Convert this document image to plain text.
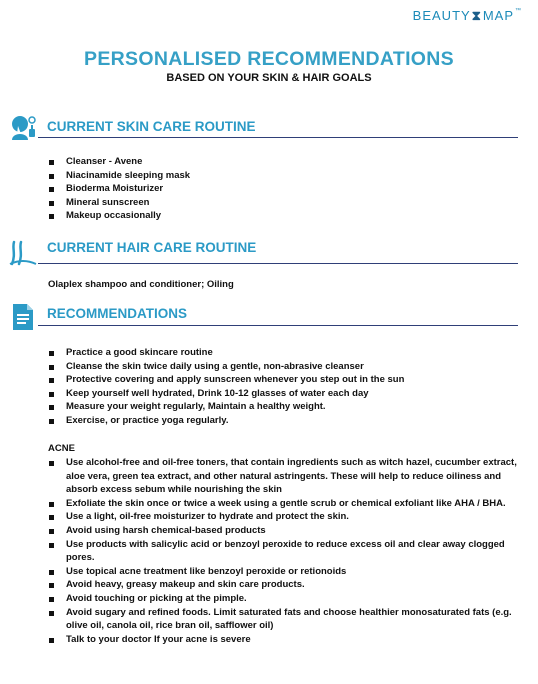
BEAUTY ⧗ MAP ™
PERSONALISED RECOMMENDATIONS
BASED ON YOUR SKIN & HAIR GOALS
CURRENT SKIN CARE ROUTINE
Cleanser - Avene
Niacinamide sleeping mask
Bioderma Moisturizer
Mineral sunscreen
Makeup occasionally
CURRENT HAIR CARE ROUTINE
Olaplex shampoo and conditioner; Oiling
RECOMMENDATIONS
Practice a good skincare routine
Cleanse the skin twice daily using a gentle, non-abrasive cleanser
Protective covering and apply sunscreen whenever you step out in the sun
Keep yourself well hydrated, Drink 10-12 glasses of water each day
Measure your weight regularly, Maintain a healthy weight.
Exercise, or practice yoga regularly.
ACNE
Use alcohol-free and oil-free toners, that contain ingredients such as witch hazel, cucumber extract, aloe vera, green tea extract, and other natural astringents. These will help to reduce oiliness and absorb excess sebum while nourishing the skin
Exfoliate the skin once or twice a week using a gentle scrub or chemical exfoliant like AHA / BHA.
Use a light, oil-free moisturizer to hydrate and protect the skin.
Avoid using harsh chemical-based products
Use products with salicylic acid or benzoyl peroxide to reduce excess oil and clear away clogged pores.
Use topical acne treatment like benzoyl peroxide or retionoids
Avoid heavy, greasy makeup and skin care products.
Avoid touching or picking at the pimple.
Avoid sugary and refined foods. Limit saturated fats and choose healthier monosaturated fats (e.g. olive oil, canola oil, rice bran oil, safflower oil)
Talk to your doctor If your acne is severe
